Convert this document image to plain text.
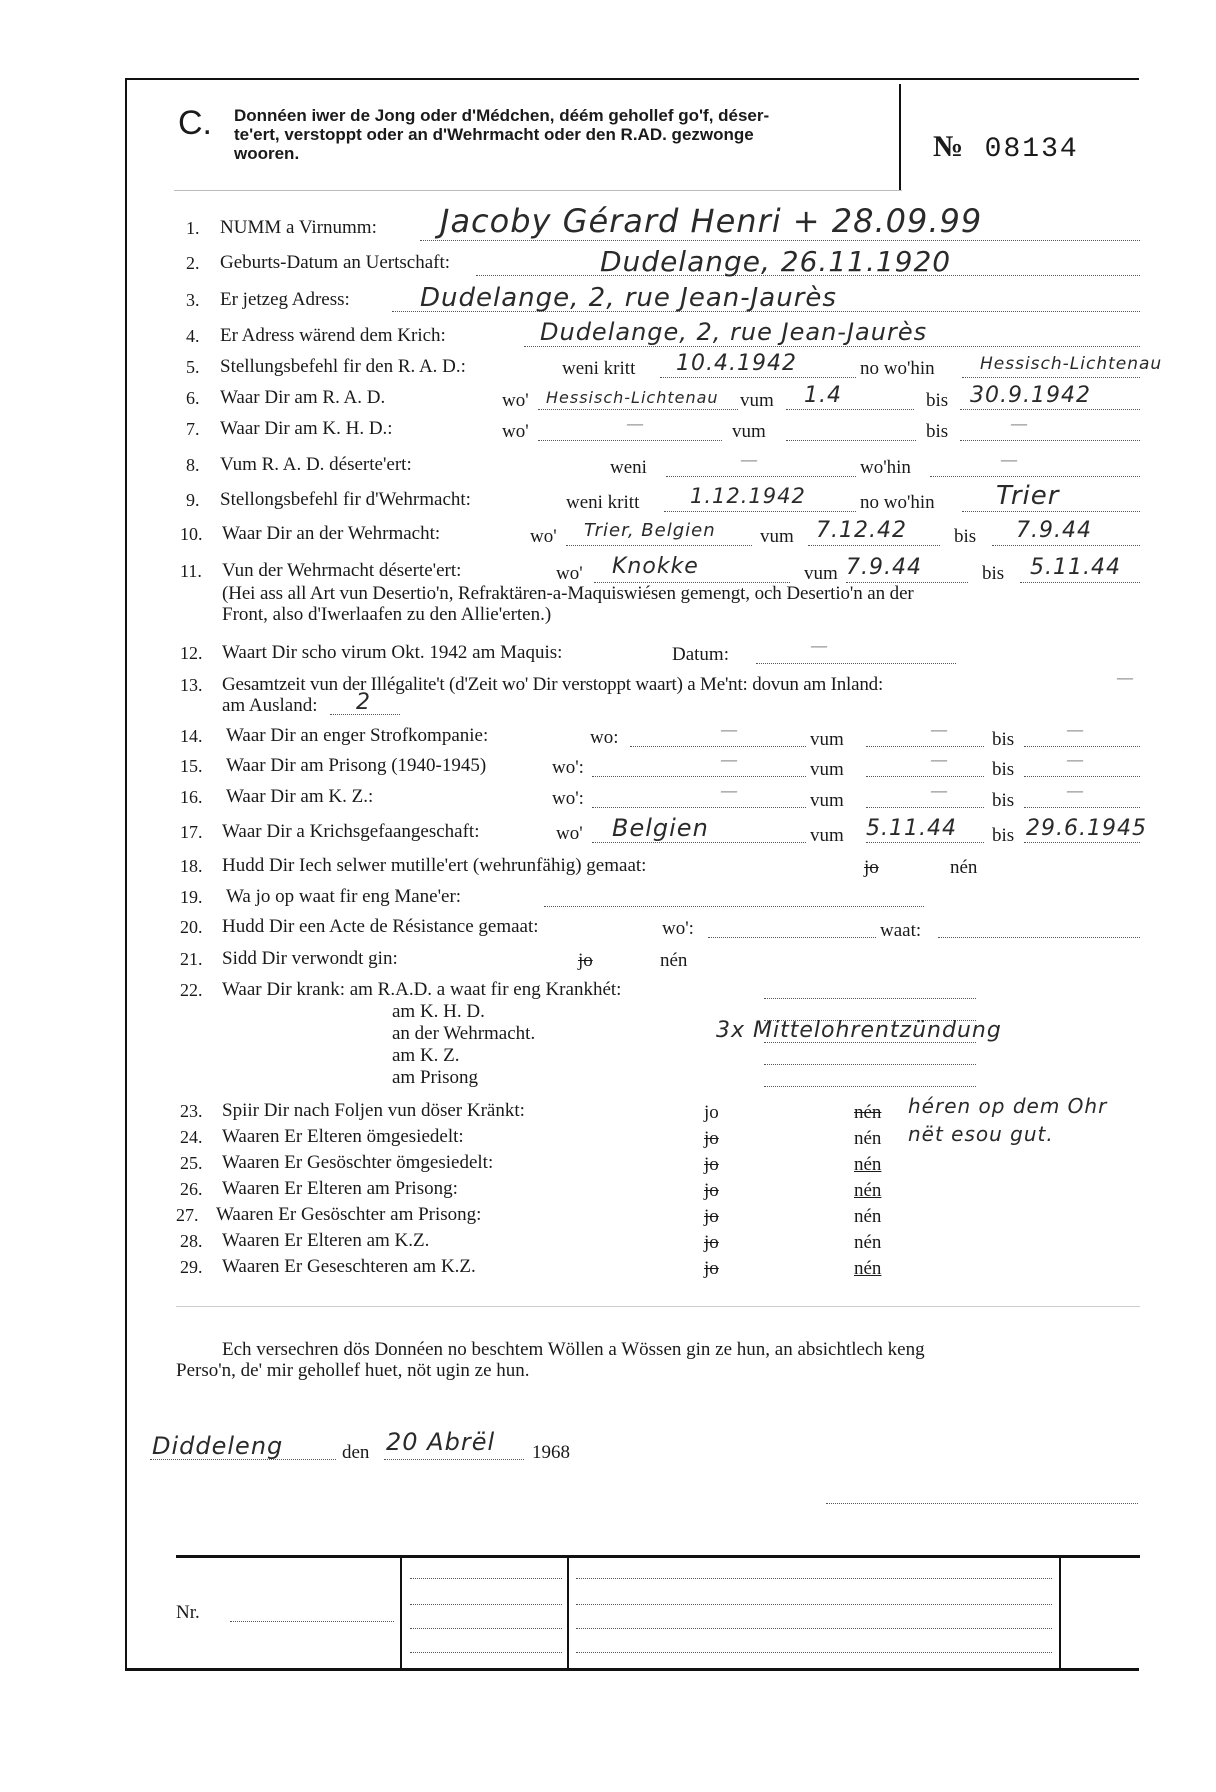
C. Donnéen iwer de Jong oder d'Médchen, déém gehollef go'f, déser-
te'ert, verstoppt oder an d'Wehrmacht oder den R.AD. gezwonge
wooren.	№ 08134
1. NUMM a Virnumm: Jacoby Gérard Henri + 28.09.99
2. Geburts-Datum an Uertschaft:	Dudelange, 26.11.1920
3. Er jetzeg Adress:	Dudelange, 2, rue Jean-Jaurès
4. Er Adress wärend dem Krich:	Dudelange, 2, rue Jean-Jaurès
5. Stellungsbefehl fir den R. A. D.:	weni kritt 10.4.1942	no wo'hin	Hessisch-Lichtenau
6. Waar Dir am R. A. D.	wo' Hessisch-Lichtenau vum 1.4	bis 30.9.1942
7. Waar Dir am K. H. D.:	wo'	—	vum	bis	—
8. Vum R. A. D. déserte'ert:	weni	—	wo'hin	—
9. Stellongsbefehl fir d'Wehrmacht:	weni kritt 1.12.1942	no wo'hin Trier
10. Waar Dir an der Wehrmacht:	wo' Trier, Belgien vum 7.12.42 bis 7.9.44
11. Vun der Wehrmacht déserte'ert:	wo' Knokke	vum 7.9.44	bis 5.11.44
(Hei ass all Art vun Desertio'n, Refraktären-a-Maquiswiésen gemengt, och Desertio'n an der
Front, also d'Iwerlaafen zu den Allie'erten.)
12. Waart Dir scho virum Okt. 1942 am Maquis:	Datum:	—
13. Gesamtzeit vun der Illégalite't (d'Zeit wo' Dir verstoppt waart) a Me'nt: dovun am Inland:	—
am Ausland: 2
14. Waar Dir an enger Strofkompanie:	wo:	—	vum	— bis	—
15. Waar Dir am Prisong (1940-1945)	wo':	—	vum	— bis	—
16. Waar Dir am K. Z.:	wo':	—	vum	— bis	—
17. Waar Dir a Krichsgefaangeschaft:	wo' Belgien	vum 5.11.44 bis 29.6.1945
18. Hudd Dir Iech selwer mutille'ert (wehrunfähig) gemaat:	jo	nén
19. Wa jo op waat fir eng Mane'er:
20. Hudd Dir een Acte de Résistance gemaat:	wo':	waat:
21. Sidd Dir verwondt gin:	jo	nén
22. Waar Dir krank: am R.A.D. a waat fir eng Krankhét:
am K. H. D.
an der Wehrmacht.
am K. Z.
am Prisong
3x Mittelohrentzündung
23. Spiir Dir nach Foljen vun döser Kränkt:	jo	nén héren op dem Ohr
nët esou gut.
24. Waaren Er Elteren ömgesiedelt:	jo	nén
25. Waaren Er Gesöschter ömgesiedelt:	jo	nén
26. Waaren Er Elteren am Prisong:	jo	nén
27. Waaren Er Gesöschter am Prisong:	jo	nén
28. Waaren Er Elteren am K.Z.	jo	nén
29. Waaren Er Geseschteren am K.Z.	jo	nén
Ech versechren dös Donnéen no beschtem Wöllen a Wössen gin ze hun, an absichtlech keng
Perso'n, de' mir gehollef huet, nöt ugin ze hun.
Diddeleng	den 20 Abrël 1968
Nr.
